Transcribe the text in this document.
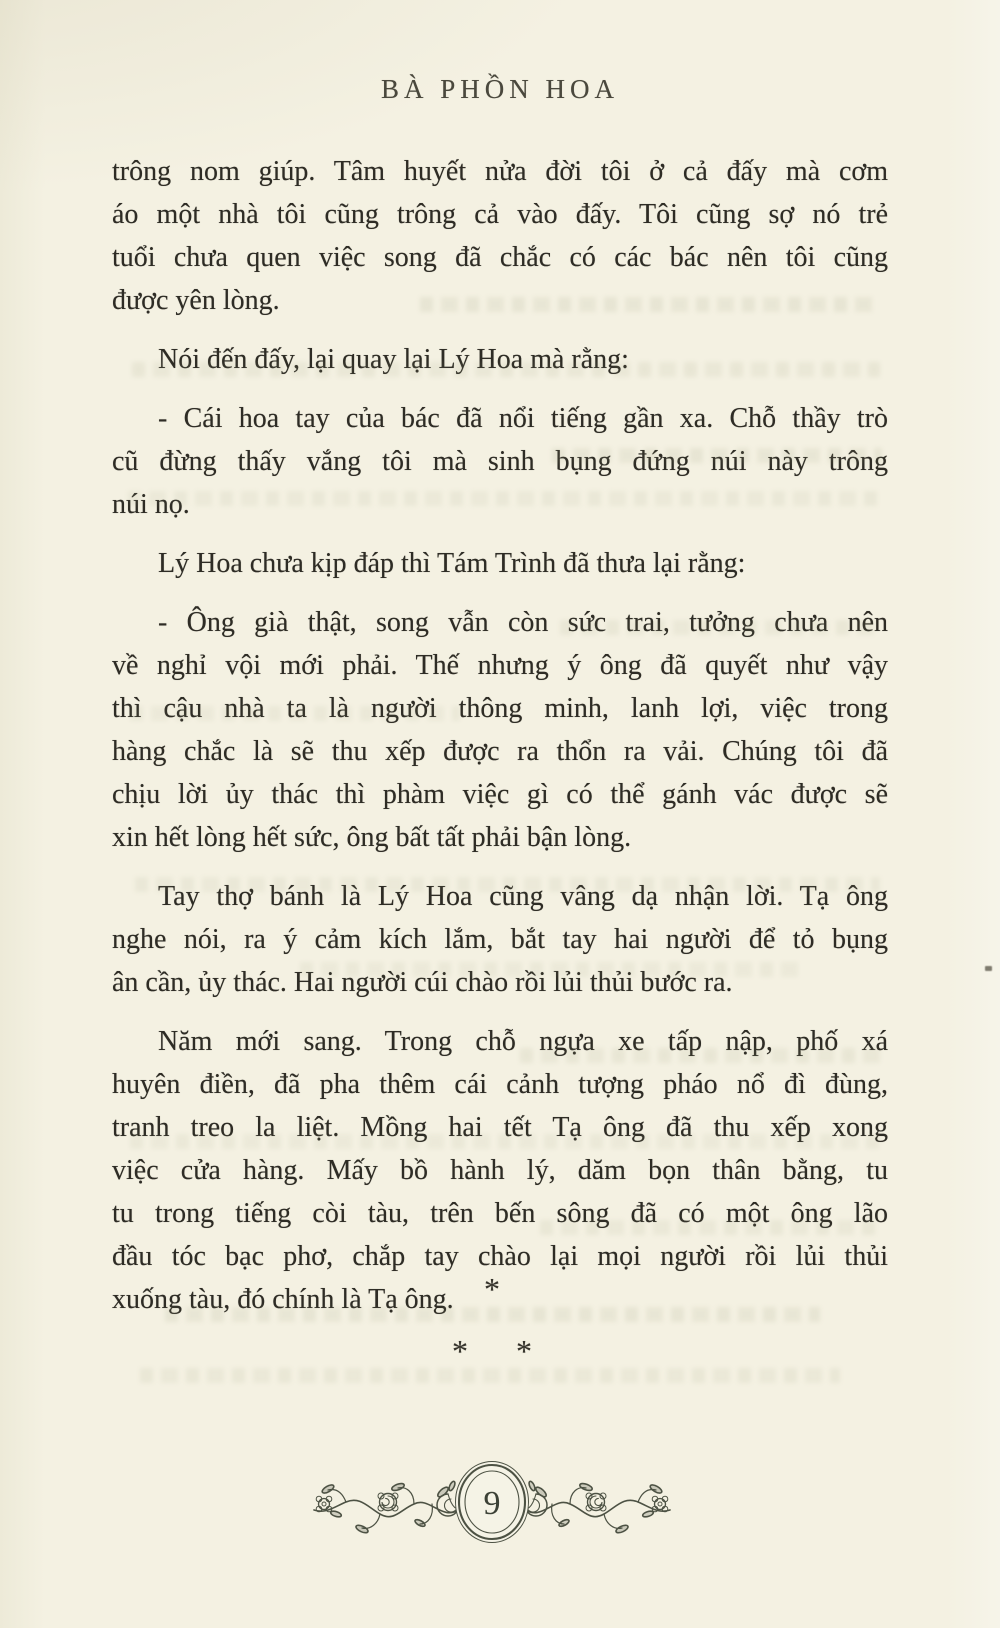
BÀ PHỒN HOA
trông nom giúp. Tâm huyết nửa đời tôi ở cả đấy mà cơm
áo một nhà tôi cũng trông cả vào đấy. Tôi cũng sợ nó trẻ
tuổi chưa quen việc song đã chắc có các bác nên tôi cũng
được yên lòng.
Nói đến đấy, lại quay lại Lý Hoa mà rằng:
- Cái hoa tay của bác đã nổi tiếng gần xa. Chỗ thầy trò
cũ đừng thấy vắng tôi mà sinh bụng đứng núi này trông
núi nọ.
Lý Hoa chưa kịp đáp thì Tám Trình đã thưa lại rằng:
- Ông già thật, song vẫn còn sức trai, tưởng chưa nên
về nghỉ vội mới phải. Thế nhưng ý ông đã quyết như vậy
thì cậu nhà ta là người thông minh, lanh lợi, việc trong
hàng chắc là sẽ thu xếp được ra thổn ra vải. Chúng tôi đã
chịu lời ủy thác thì phàm việc gì có thể gánh vác được sẽ
xin hết lòng hết sức, ông bất tất phải bận lòng.
Tay thợ bánh là Lý Hoa cũng vâng dạ nhận lời. Tạ ông
nghe nói, ra ý cảm kích lắm, bắt tay hai người để tỏ bụng
ân cần, ủy thác. Hai người cúi chào rồi lủi thủi bước ra.
Năm mới sang. Trong chỗ ngựa xe tấp nập, phố xá
huyên điền, đã pha thêm cái cảnh tượng pháo nổ đì đùng,
tranh treo la liệt. Mồng hai tết Tạ ông đã thu xếp xong
việc cửa hàng. Mấy bồ hành lý, dăm bọn thân bằng, tu
tu trong tiếng còi tàu, trên bến sông đã có một ông lão
đầu tóc bạc phơ, chắp tay chào lại mọi người rồi lủi thủi
xuống tàu, đó chính là Tạ ông. *
* *
9
